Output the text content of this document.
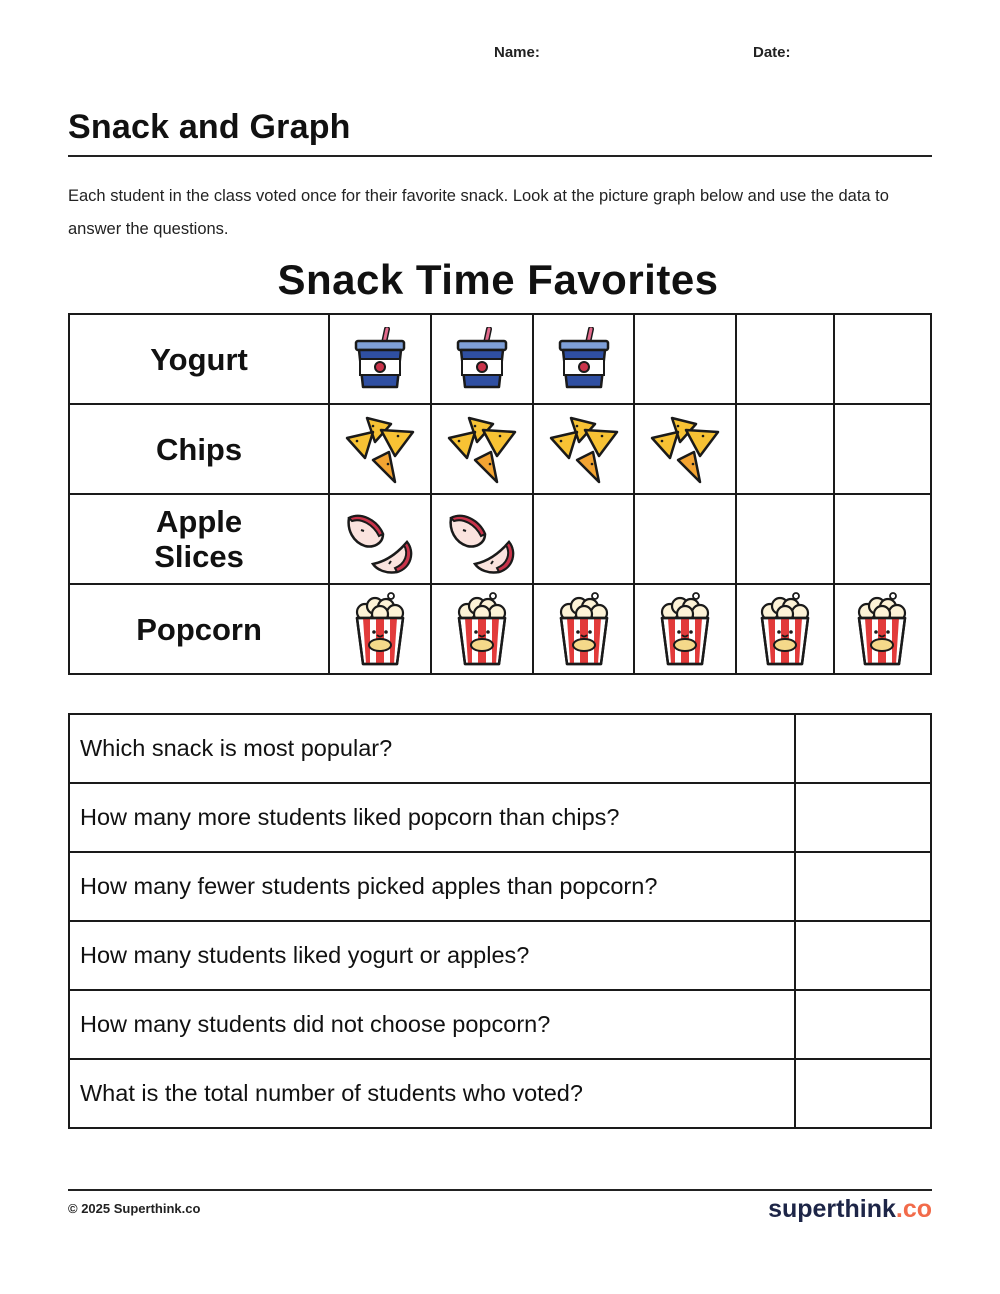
Name:	Date:
Snack and Graph

Each student in the class voted once for their favorite snack. Look at the picture graph below and use the data to answer the questions.

Snack Time Favorites
Yogurt	

Chips	

Apple Slices	

Popcorn	

Which snack is most popular?	
How many more students liked popcorn than chips?	
How many fewer students picked apples than popcorn?	
How many students liked yogurt or apples?	
How many students did not choose popcorn?	
What is the total number of students who voted?	
© 2025 Superthink.co	superthink.co
